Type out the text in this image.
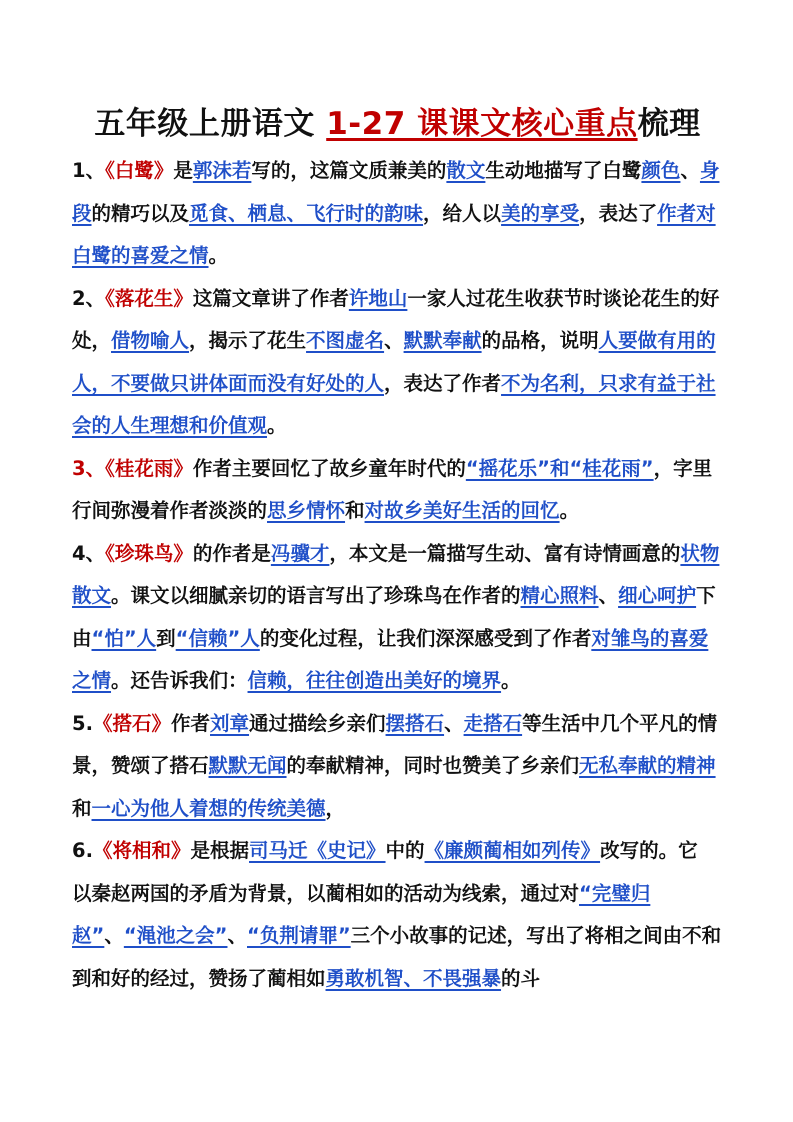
五年级上册语文 1-27 课课文核心重点梳理
1、《白鹭》是郭沫若写的，这篇文质兼美的散文生动地描写了白鹭颜色、身段的精巧以及觅食、栖息、飞行时的韵味，给人以美的享受，表达了作者对白鹭的喜爱之情。
2、《落花生》这篇文章讲了作者许地山一家人过花生收获节时谈论花生的好处，借物喻人，揭示了花生不图虚名、默默奉献的品格，说明人要做有用的人，不要做只讲体面而没有好处的人，表达了作者不为名利，只求有益于社会的人生理想和价值观。
3、《桂花雨》作者主要回忆了故乡童年时代的“摇花乐”和“桂花雨”，字里行间弥漫着作者淡淡的思乡情怀和对故乡美好生活的回忆。
4、《珍珠鸟》的作者是冯骥才，本文是一篇描写生动、富有诗情画意的状物散文。课文以细腻亲切的语言写出了珍珠鸟在作者的精心照料、细心呵护下由“怕”人到“信赖”人的变化过程，让我们深深感受到了作者对雏鸟的喜爱之情。还告诉我们：信赖，往往创造出美好的境界。
5.《搭石》作者刘章通过描绘乡亲们摆搭石、走搭石等生活中几个平凡的情景，赞颂了搭石默默无闻的奉献精神，同时也赞美了乡亲们无私奉献的精神和一心为他人着想的传统美德，
6.《将相和》是根据司马迁《史记》中的《廉颇蔺相如列传》改写的。它 以秦赵两国的矛盾为背景，以蔺相如的活动为线索，通过对“完璧归赵”、“渑池之会”、“负荆请罪”三个小故事的记述，写出了将相之间由不和到和好的经过，赞扬了蔺相如勇敢机智、不畏强暴的斗
